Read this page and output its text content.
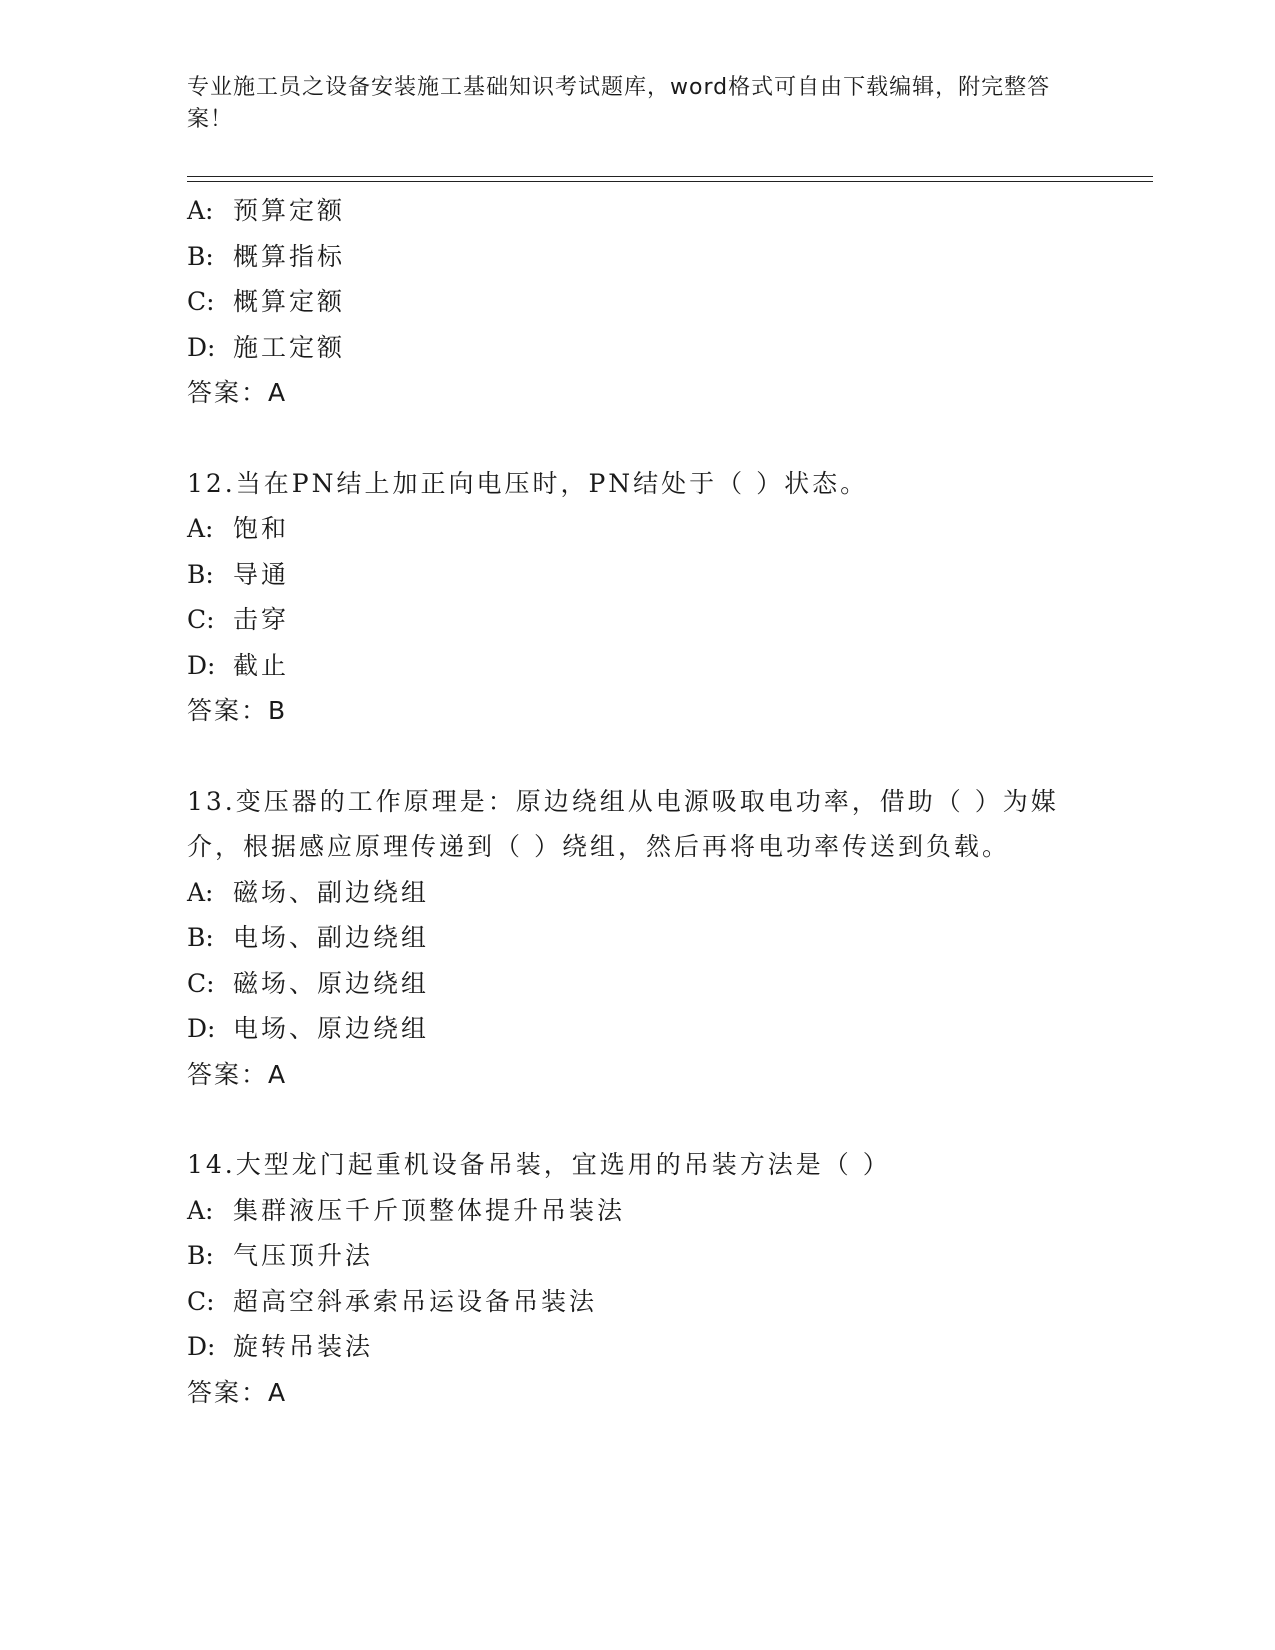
专业施工员之设备安装施工基础知识考试题库，word格式可自由下载编辑，附完整答案！
A: 预算定额
B: 概算指标
C: 概算定额
D: 施工定额
答案：A
12.当在PN结上加正向电压时，PN结处于（ ）状态。
A: 饱和
B: 导通
C: 击穿
D: 截止
答案：B
13.变压器的工作原理是：原边绕组从电源吸取电功率，借助（ ）为媒介，根据感应原理传递到（ ）绕组，然后再将电功率传送到负载。
A: 磁场、副边绕组
B: 电场、副边绕组
C: 磁场、原边绕组
D: 电场、原边绕组
答案：A
14.大型龙门起重机设备吊装，宜选用的吊装方法是（ ）
A: 集群液压千斤顶整体提升吊装法
B: 气压顶升法
C: 超高空斜承索吊运设备吊装法
D: 旋转吊装法
答案：A
